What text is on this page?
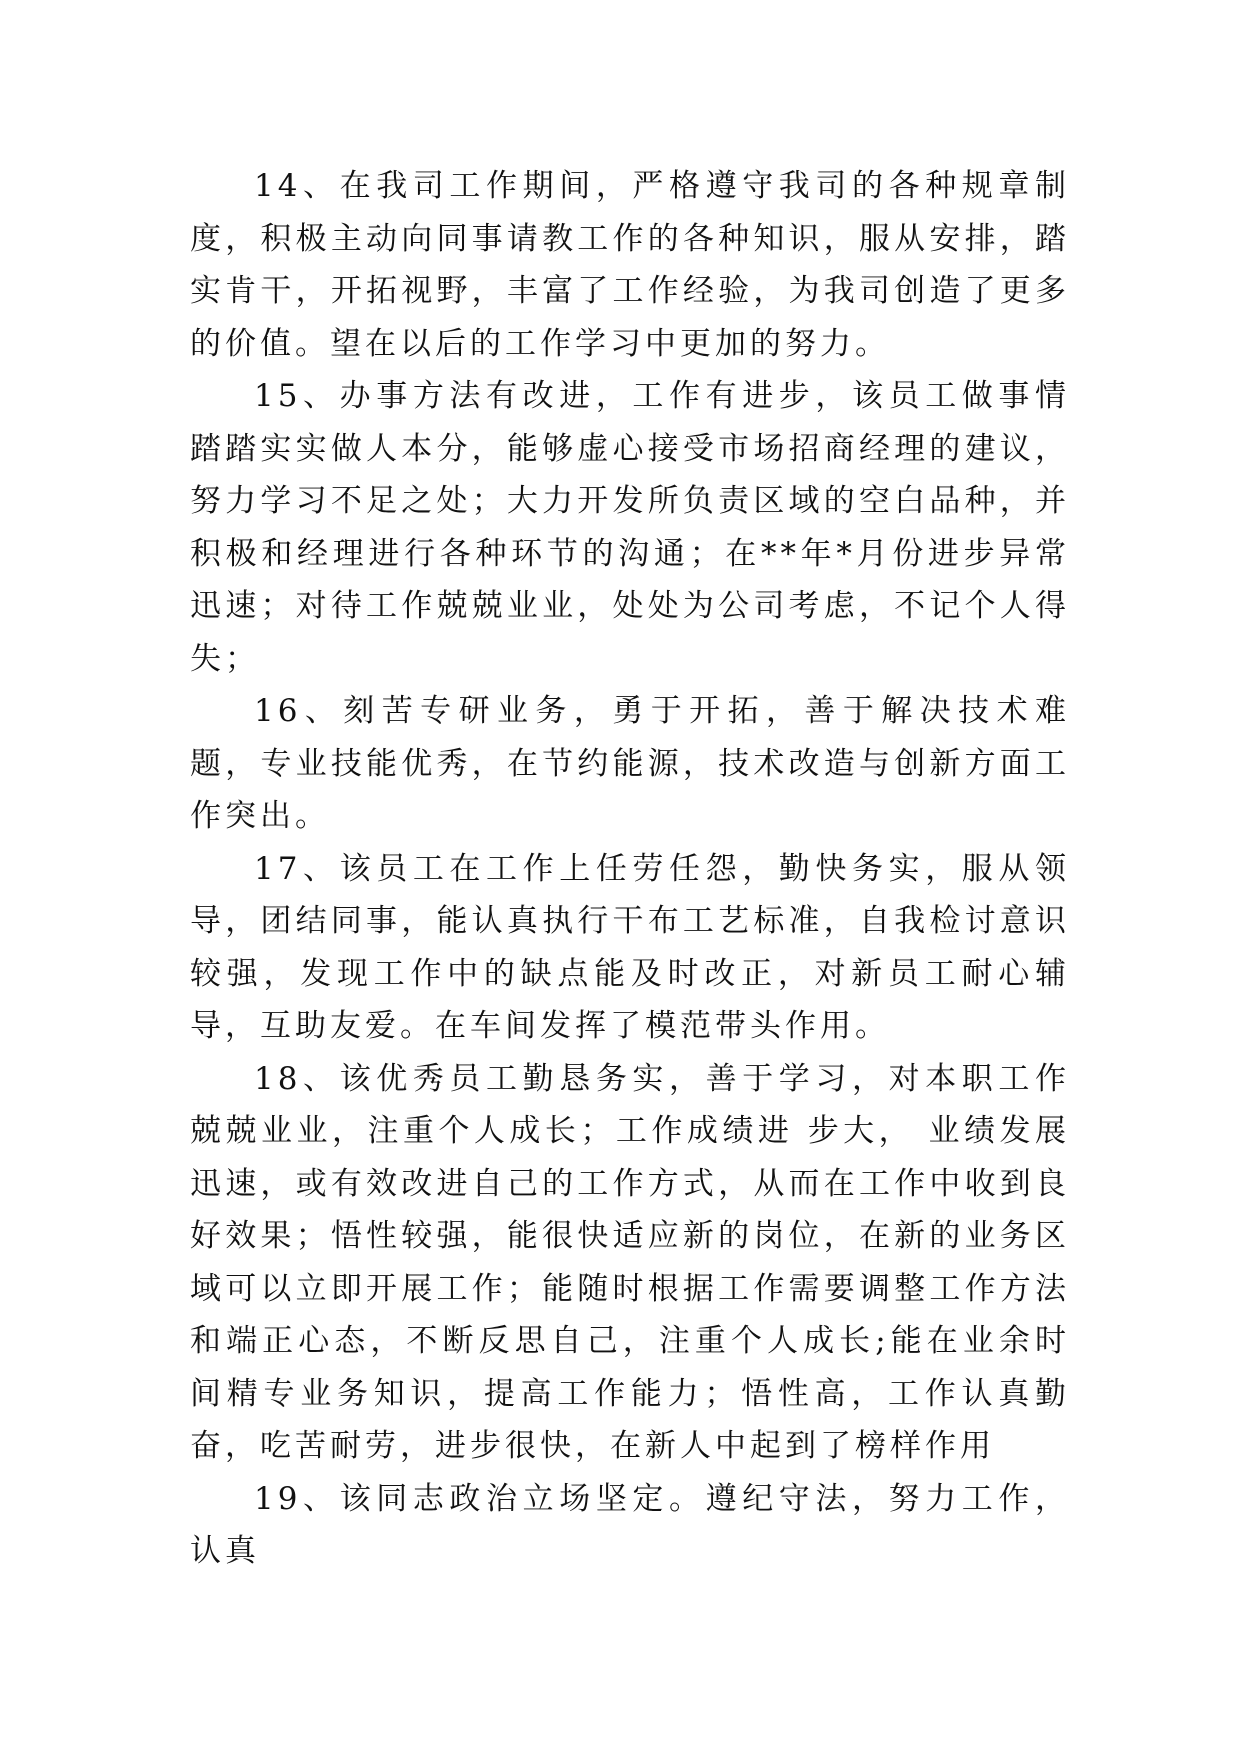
14、在我司工作期间，严格遵守我司的各种规章制度，积极主动向同事请教工作的各种知识，服从安排，踏实肯干，开拓视野，丰富了工作经验，为我司创造了更多的价值。望在以后的工作学习中更加的努力。

15、办事方法有改进，工作有进步，该员工做事情踏踏实实做人本分，能够虚心接受市场招商经理的建议，努力学习不足之处；大力开发所负责区域的空白品种，并积极和经理进行各种环节的沟通；在**年*月份进步异常迅速；对待工作兢兢业业，处处为公司考虑，不记个人得失；

16、刻苦专研业务，勇于开拓，善于解决技术难题，专业技能优秀，在节约能源，技术改造与创新方面工作突出。

17、该员工在工作上任劳任怨，勤快务实，服从领导，团结同事，能认真执行干布工艺标准，自我检讨意识较强，发现工作中的缺点能及时改正，对新员工耐心辅导，互助友爱。在车间发挥了模范带头作用。

18、该优秀员工勤恳务实，善于学习，对本职工作兢兢业业，注重个人成长；工作成绩进 步大， 业绩发展迅速，或有效改进自己的工作方式，从而在工作中收到良好效果；悟性较强，能很快适应新的岗位，在新的业务区域可以立即开展工作；能随时根据工作需要调整工作方法和端正心态，不断反思自己，注重个人成长;能在业余时间精专业务知识，提高工作能力；悟性高，工作认真勤奋，吃苦耐劳，进步很快，在新人中起到了榜样作用

19、该同志政治立场坚定。遵纪守法，努力工作，认真
